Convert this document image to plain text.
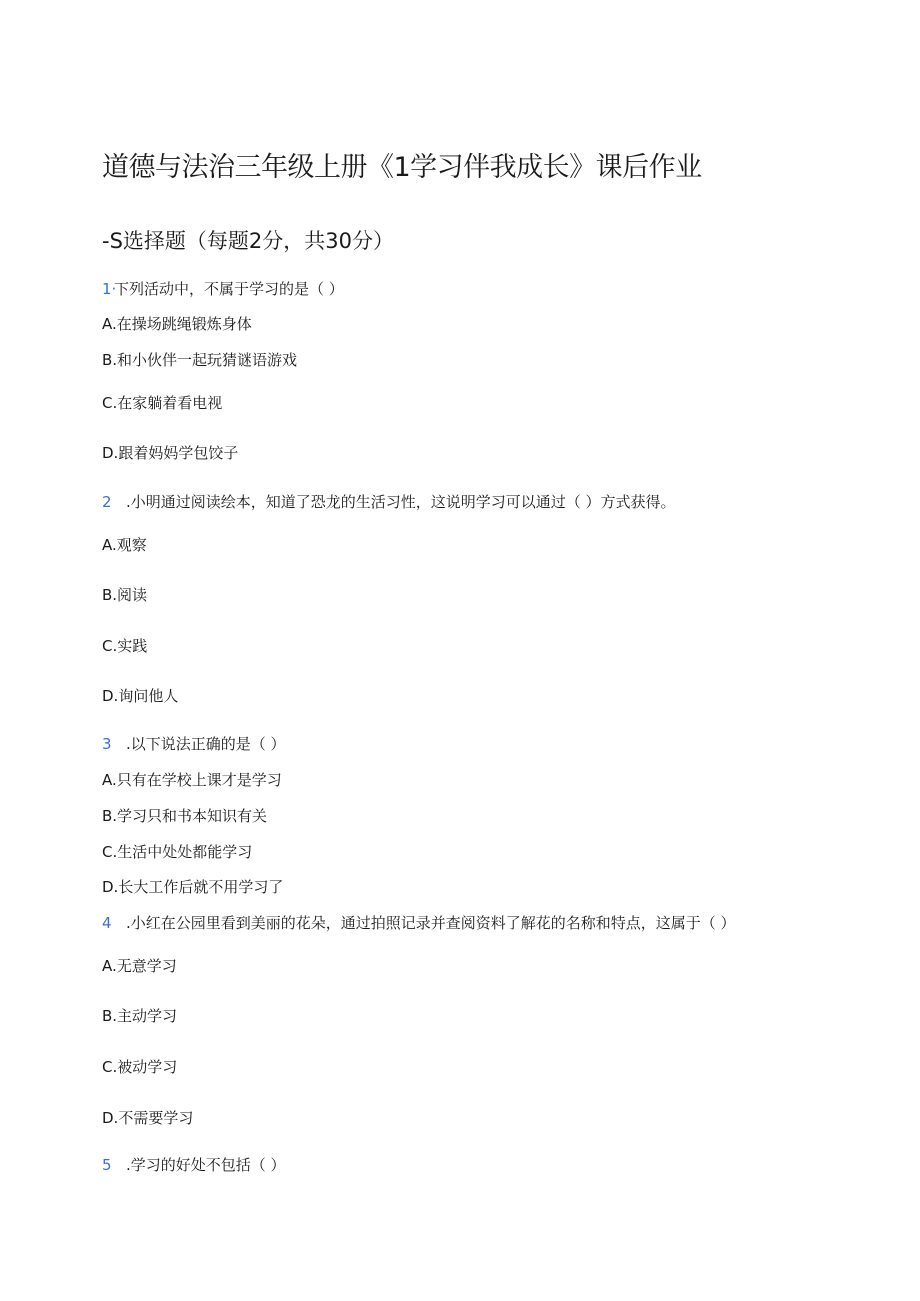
道德与法治三年级上册《1学习伴我成长》课后作业
-S选择题（每题2分，共30分）
1·下列活动中，不属于学习的是（ ）
A.在操场跳绳锻炼身体
B.和小伙伴一起玩猜谜语游戏
C.在家躺着看电视
D.跟着妈妈学包饺子
2 .小明通过阅读绘本，知道了恐龙的生活习性，这说明学习可以通过（ ）方式获得。
A.观察
B.阅读
C.实践
D.询问他人
3 .以下说法正确的是（ ）
A.只有在学校上课才是学习
B.学习只和书本知识有关
C.生活中处处都能学习
D.长大工作后就不用学习了
4 .小红在公园里看到美丽的花朵，通过拍照记录并查阅资料了解花的名称和特点，这属于（ ）
A.无意学习
B.主动学习
C.被动学习
D.不需要学习
5 .学习的好处不包括（ ）
